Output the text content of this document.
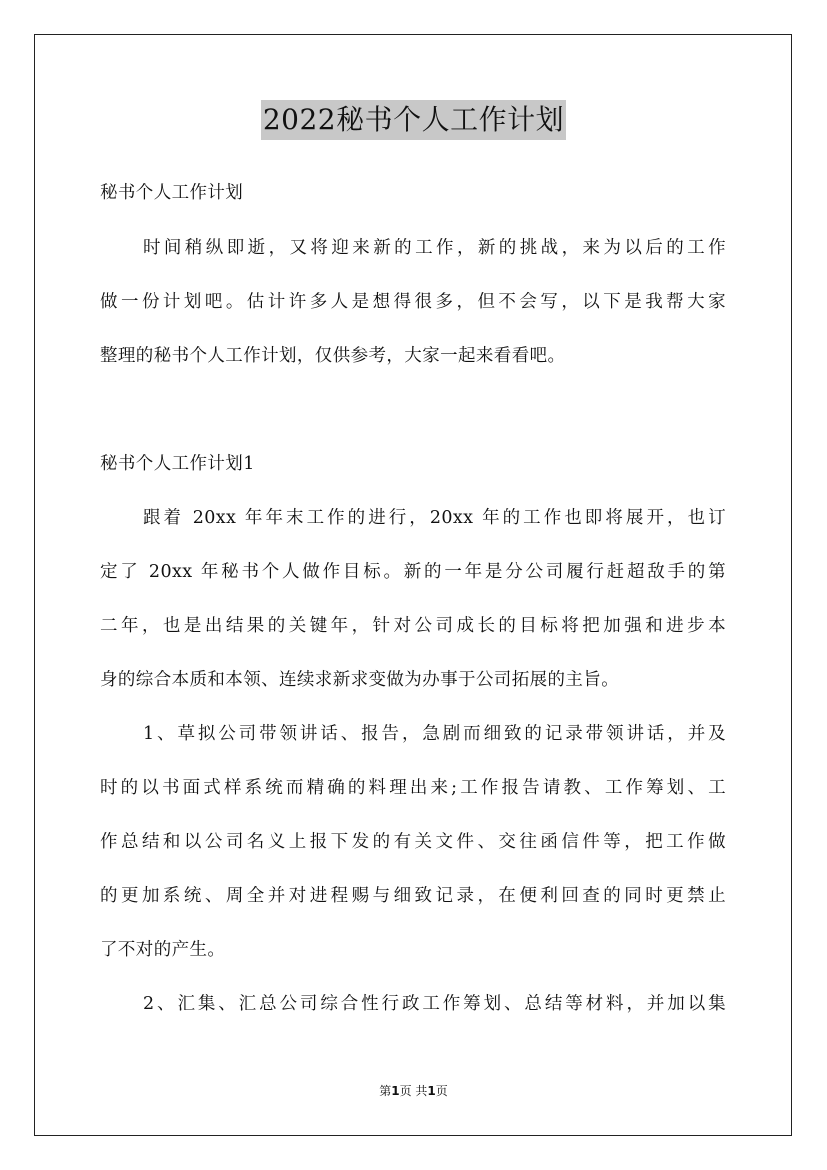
2022秘书个人工作计划
秘书个人工作计划
时间稍纵即逝，又将迎来新的工作，新的挑战，来为以后的工作
做一份计划吧。估计许多人是想得很多，但不会写，以下是我帮大家
整理的秘书个人工作计划，仅供参考，大家一起来看看吧。
秘书个人工作计划1
跟着 20xx 年年末工作的进行，20xx 年的工作也即将展开，也订
定了 20xx 年秘书个人做作目标。新的一年是分公司履行赶超敌手的第
二年，也是出结果的关键年，针对公司成长的目标将把加强和进步本
身的综合本质和本领、连续求新求变做为办事于公司拓展的主旨。
1、草拟公司带领讲话、报告，急剧而细致的记录带领讲话，并及
时的以书面式样系统而精确的料理出来;工作报告请教、工作筹划、工
作总结和以公司名义上报下发的有关文件、交往函信件等，把工作做
的更加系统、周全并对进程赐与细致记录，在便利回查的同时更禁止
了不对的产生。
2、汇集、汇总公司综合性行政工作筹划、总结等材料，并加以集
第1页 共1页
